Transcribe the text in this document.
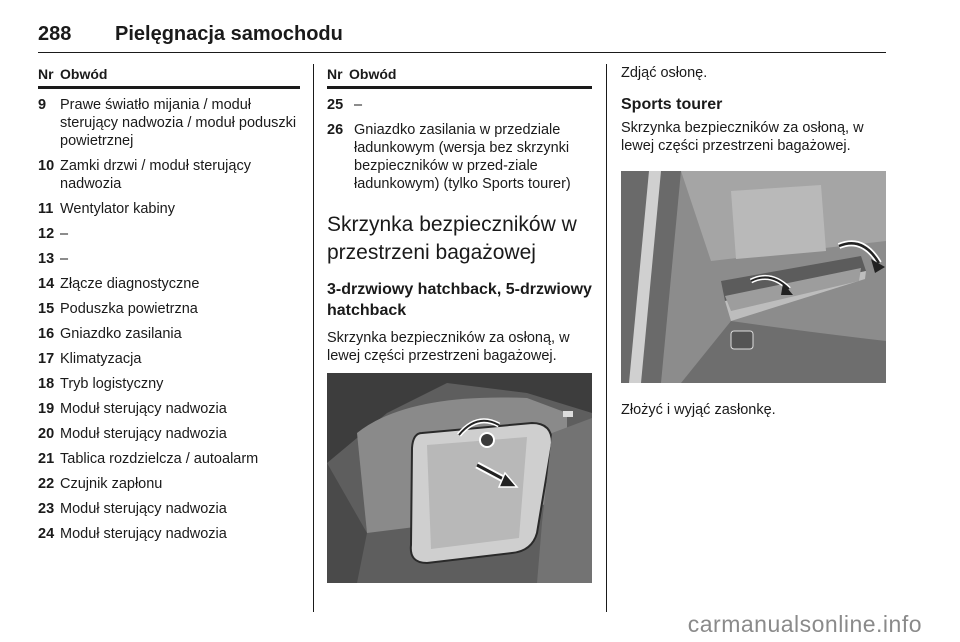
288 Pielęgnacja samochodu
Nr Obwód
9 Prawe światło mijania / moduł sterujący nadwozia / moduł poduszki powietrznej
10 Zamki drzwi / moduł sterujący nadwozia
11 Wentylator kabiny
12 –
13 –
14 Złącze diagnostyczne
15 Poduszka powietrzna
16 Gniazdko zasilania
17 Klimatyzacja
18 Tryb logistyczny
19 Moduł sterujący nadwozia
20 Moduł sterujący nadwozia
21 Tablica rozdzielcza / autoalarm
22 Czujnik zapłonu
23 Moduł sterujący nadwozia
24 Moduł sterujący nadwozia
Nr Obwód
25 –
26 Gniazdko zasilania w przedziale ładunkowym (wersja bez skrzynki bezpieczników w przed-ziale ładunkowym) (tylko Sports tourer)
Skrzynka bezpieczników w przestrzeni bagażowej
3-drzwiowy hatchback, 5-drzwiowy hatchback
Skrzynka bezpieczników za osłoną, w lewej części przestrzeni bagażowej.
Zdjąć osłonę.
Sports tourer
Skrzynka bezpieczników za osłoną, w lewej części przestrzeni bagażowej.
Złożyć i wyjąć zasłonkę.
carmanualsonline.info
